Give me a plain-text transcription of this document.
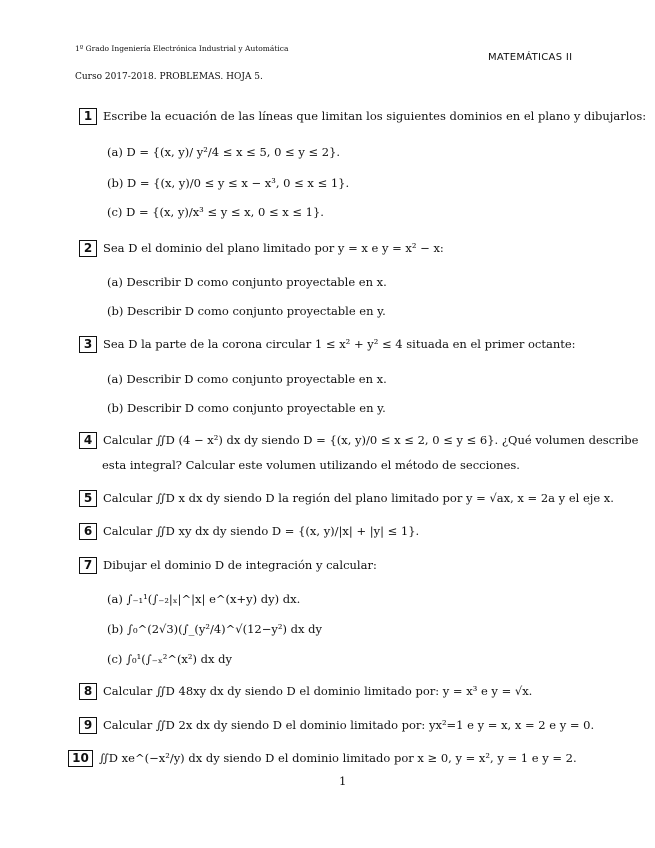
1º Grado Ingeniería Electrónica Industrial y Automática
MATEMÁTICAS II
Curso 2017-2018. PROBLEMAS. HOJA 5.
1 Escribe la ecuación de las líneas que limitan los siguientes dominios en el plano y dibujarlos:
(a) D = {(x, y)/ y²/4 ≤ x ≤ 5, 0 ≤ y ≤ 2}.
(b) D = {(x, y)/0 ≤ y ≤ x − x³, 0 ≤ x ≤ 1}.
(c) D = {(x, y)/x³ ≤ y ≤ x, 0 ≤ x ≤ 1}.
2 Sea D el dominio del plano limitado por y = x e y = x² − x:
(a) Describir D como conjunto proyectable en x.
(b) Describir D como conjunto proyectable en y.
3 Sea D la parte de la corona circular 1 ≤ x² + y² ≤ 4 situada en el primer octante:
(a) Describir D como conjunto proyectable en x.
(b) Describir D como conjunto proyectable en y.
4 Calcular ∬D (4 − x²) dx dy siendo D = {(x, y)/0 ≤ x ≤ 2, 0 ≤ y ≤ 6}. ¿Qué volumen describe
esta integral? Calcular este volumen utilizando el método de secciones.
5 Calcular ∬D x dx dy siendo D la región del plano limitado por y = √ax, x = 2a y el eje x.
6 Calcular ∬D xy dx dy siendo D = {(x, y)/|x| + |y| ≤ 1}.
7 Dibujar el dominio D de integración y calcular:
(a) ∫₋₁¹(∫₋₂|ₓ|^|x| e^(x+y) dy) dx.
(b) ∫₀^(2√3)(∫_(y²/4)^√(12−y²) dx dy
(c) ∫₀¹(∫₋ₓ²^(x²) dx dy
8 Calcular ∬D 48xy dx dy siendo D el dominio limitado por: y = x³ e y = √x.
9 Calcular ∬D 2x dx dy siendo D el dominio limitado por: yx²=1 e y = x, x = 2 e y = 0.
10 ∬D xe^(−x²/y) dx dy siendo D el dominio limitado por x ≥ 0, y = x², y = 1 e y = 2.
1
